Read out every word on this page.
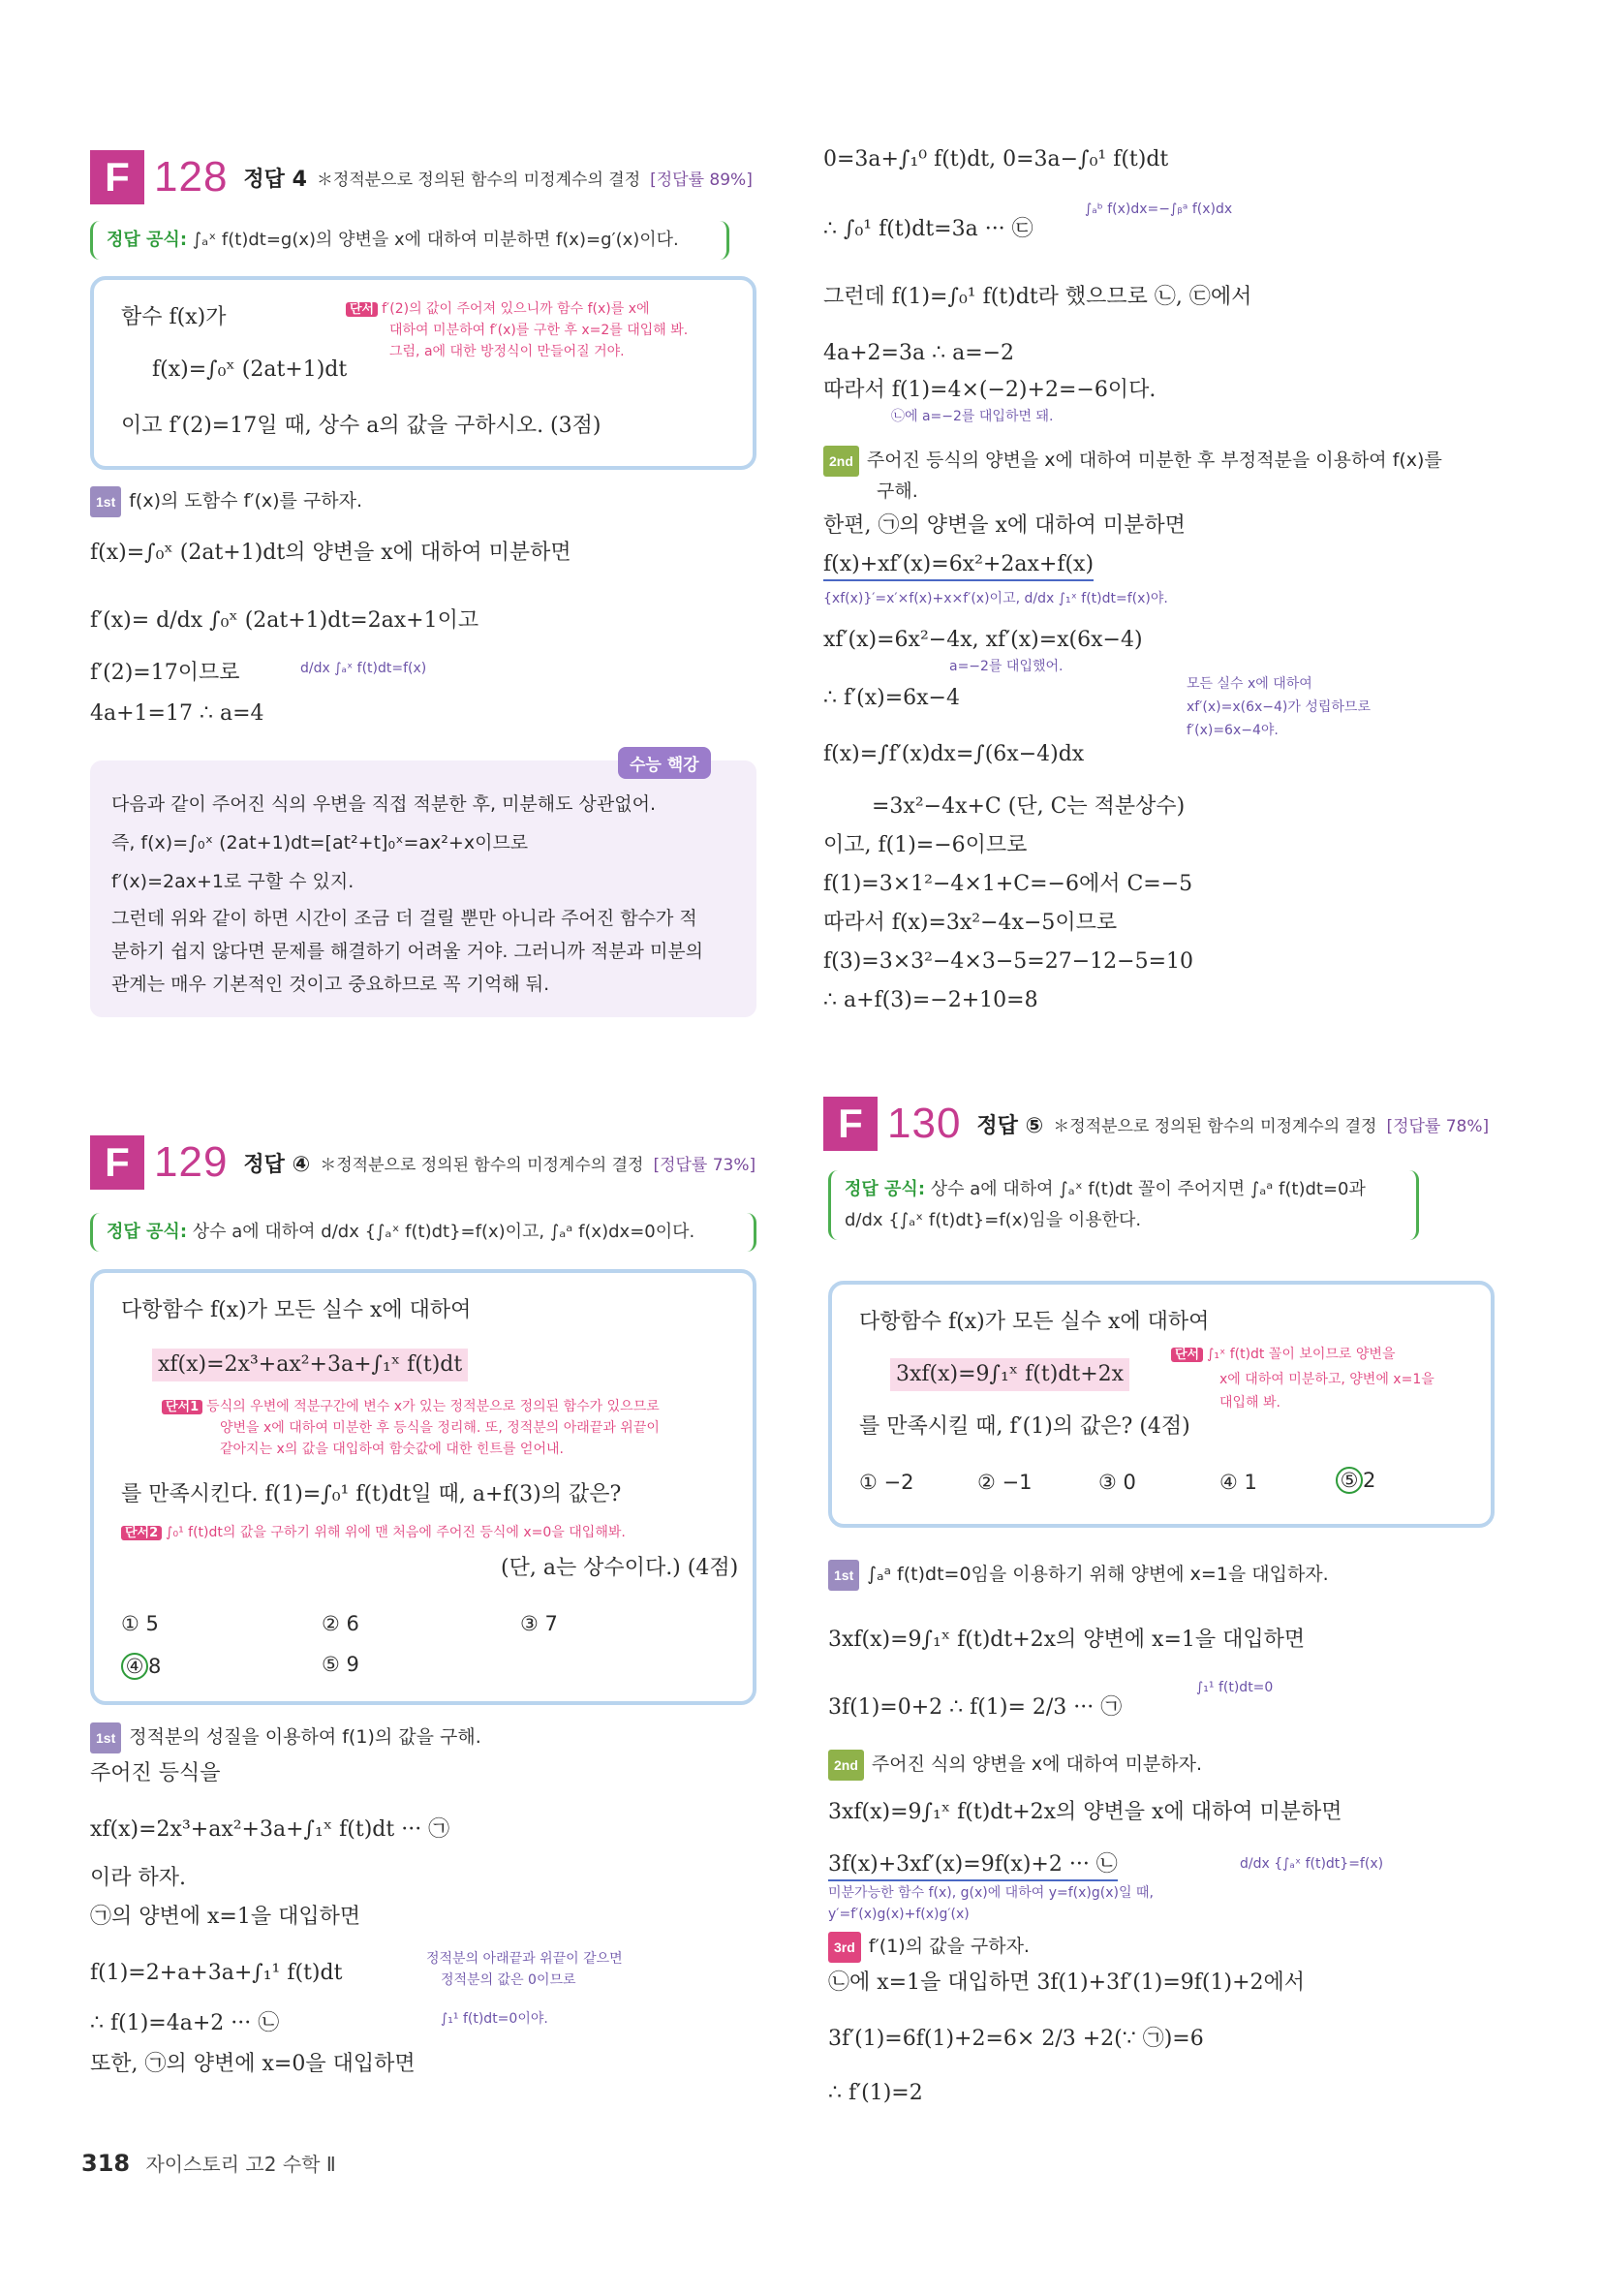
F 128 정답 4 ＊정적분으로 정의된 함수의 미정계수의 결정 [정답률 89%]
정답 공식: ∫ₐˣ f(t)dt=g(x)의 양변을 x에 대하여 미분하면 f(x)=g′(x)이다.
함수 f(x)가
f(x)=∫₀ˣ (2at+1)dt
이고 f′(2)=17일 때, 상수 a의 값을 구하시오. (3점)
단서 f′(2)의 값이 주어져 있으니까 함수 f(x)를 x에
대하여 미분하여 f′(x)를 구한 후 x=2를 대입해 봐.
그럼, a에 대한 방정식이 만들어질 거야.
1st f(x)의 도함수 f′(x)를 구하자.
f(x)=∫₀ˣ (2at+1)dt의 양변을 x에 대하여 미분하면
f′(x)= d/dx ∫₀ˣ (2at+1)dt=2ax+1이고
d/dx ∫ₐˣ f(t)dt=f(x)
f′(2)=17이므로
4a+1=17 ∴ a=4
수능 핵강
다음과 같이 주어진 식의 우변을 직접 적분한 후, 미분해도 상관없어.
즉, f(x)=∫₀ˣ (2at+1)dt=[at²+t]₀ˣ=ax²+x이므로
f′(x)=2ax+1로 구할 수 있지.
그런데 위와 같이 하면 시간이 조금 더 걸릴 뿐만 아니라 주어진 함수가 적
분하기 쉽지 않다면 문제를 해결하기 어려울 거야. 그러니까 적분과 미분의
관계는 매우 기본적인 것이고 중요하므로 꼭 기억해 둬.
F 129 정답 ④ ＊정적분으로 정의된 함수의 미정계수의 결정 [정답률 73%]
정답 공식: 상수 a에 대하여 d/dx {∫ₐˣ f(t)dt}=f(x)이고, ∫ₐᵃ f(x)dx=0이다.
다항함수 f(x)가 모든 실수 x에 대하여
xf(x)=2x³+ax²+3a+∫₁ˣ f(t)dt
단서1 등식의 우변에 적분구간에 변수 x가 있는 정적분으로 정의된 함수가 있으므로
양변을 x에 대하여 미분한 후 등식을 정리해. 또, 정적분의 아래끝과 위끝이
같아지는 x의 값을 대입하여 함숫값에 대한 힌트를 얻어내.
를 만족시킨다. f(1)=∫₀¹ f(t)dt일 때, a+f(3)의 값은?
단서2 ∫₀¹ f(t)dt의 값을 구하기 위해 위에 맨 처음에 주어진 등식에 x=0을 대입해봐.
(단, a는 상수이다.) (4점)
① 5	② 6	③ 7
④ 8	⑤ 9
1st 정적분의 성질을 이용하여 f(1)의 값을 구해.
주어진 등식을
xf(x)=2x³+ax²+3a+∫₁ˣ f(t)dt ··· ㉠
이라 하자.
㉠의 양변에 x=1을 대입하면
f(1)=2+a+3a+∫₁¹ f(t)dt
정적분의 아래끝과 위끝이 같으면
정적분의 값은 0이므로
∫₁¹ f(t)dt=0이야.
∴ f(1)=4a+2 ··· ㉡
또한, ㉠의 양변에 x=0을 대입하면
0=3a+∫₁⁰ f(t)dt, 0=3a−∫₀¹ f(t)dt
∫ₐᵇ f(x)dx=−∫ᵦᵃ f(x)dx
∴ ∫₀¹ f(t)dt=3a ··· ㉢
그런데 f(1)=∫₀¹ f(t)dt라 했으므로 ㉡, ㉢에서
4a+2=3a ∴ a=−2
따라서 f(1)=4×(−2)+2=−6이다.
㉡에 a=−2를 대입하면 돼.
2nd 주어진 등식의 양변을 x에 대하여 미분한 후 부정적분을 이용하여 f(x)를
구해.
한편, ㉠의 양변을 x에 대하여 미분하면
f(x)+xf′(x)=6x²+2ax+f(x)
{xf(x)}′=x′×f(x)+x×f′(x)이고, d/dx ∫₁ˣ f(t)dt=f(x)야.
xf′(x)=6x²−4x, xf′(x)=x(6x−4)
a=−2를 대입했어.
∴ f′(x)=6x−4
모든 실수 x에 대하여
xf′(x)=x(6x−4)가 성립하므로
f′(x)=6x−4야.
f(x)=∫f′(x)dx=∫(6x−4)dx
=3x²−4x+C (단, C는 적분상수)
이고, f(1)=−6이므로
f(1)=3×1²−4×1+C=−6에서 C=−5
따라서 f(x)=3x²−4x−5이므로
f(3)=3×3²−4×3−5=27−12−5=10
∴ a+f(3)=−2+10=8
F 130 정답 ⑤ ＊정적분으로 정의된 함수의 미정계수의 결정 [정답률 78%]
정답 공식: 상수 a에 대하여 ∫ₐˣ f(t)dt 꼴이 주어지면 ∫ₐᵃ f(t)dt=0과
d/dx {∫ₐˣ f(t)dt}=f(x)임을 이용한다.
다항함수 f(x)가 모든 실수 x에 대하여
3xf(x)=9∫₁ˣ f(t)dt+2x
를 만족시킬 때, f′(1)의 값은? (4점)
단서 ∫₁ˣ f(t)dt 꼴이 보이므로 양변을
x에 대하여 미분하고, 양변에 x=1을
대입해 봐.
① −2	② −1	③ 0	④ 1	⑤ 2
1st ∫ₐᵃ f(t)dt=0임을 이용하기 위해 양변에 x=1을 대입하자.
3xf(x)=9∫₁ˣ f(t)dt+2x의 양변에 x=1을 대입하면
3f(1)=0+2 ∴ f(1)= 2/3 ··· ㉠
∫₁¹ f(t)dt=0
2nd 주어진 식의 양변을 x에 대하여 미분하자.
3xf(x)=9∫₁ˣ f(t)dt+2x의 양변을 x에 대하여 미분하면
3f(x)+3xf′(x)=9f(x)+2 ··· ㉡	d/dx {∫ₐˣ f(t)dt}=f(x)
미분가능한 함수 f(x), g(x)에 대하여 y=f(x)g(x)일 때,
y′=f′(x)g(x)+f(x)g′(x)
3rd f′(1)의 값을 구하자.
㉡에 x=1을 대입하면 3f(1)+3f′(1)=9f(1)+2에서
3f′(1)=6f(1)+2=6× 2/3 +2(∵ ㉠)=6
∴ f′(1)=2
318 자이스토리 고2 수학 Ⅱ
